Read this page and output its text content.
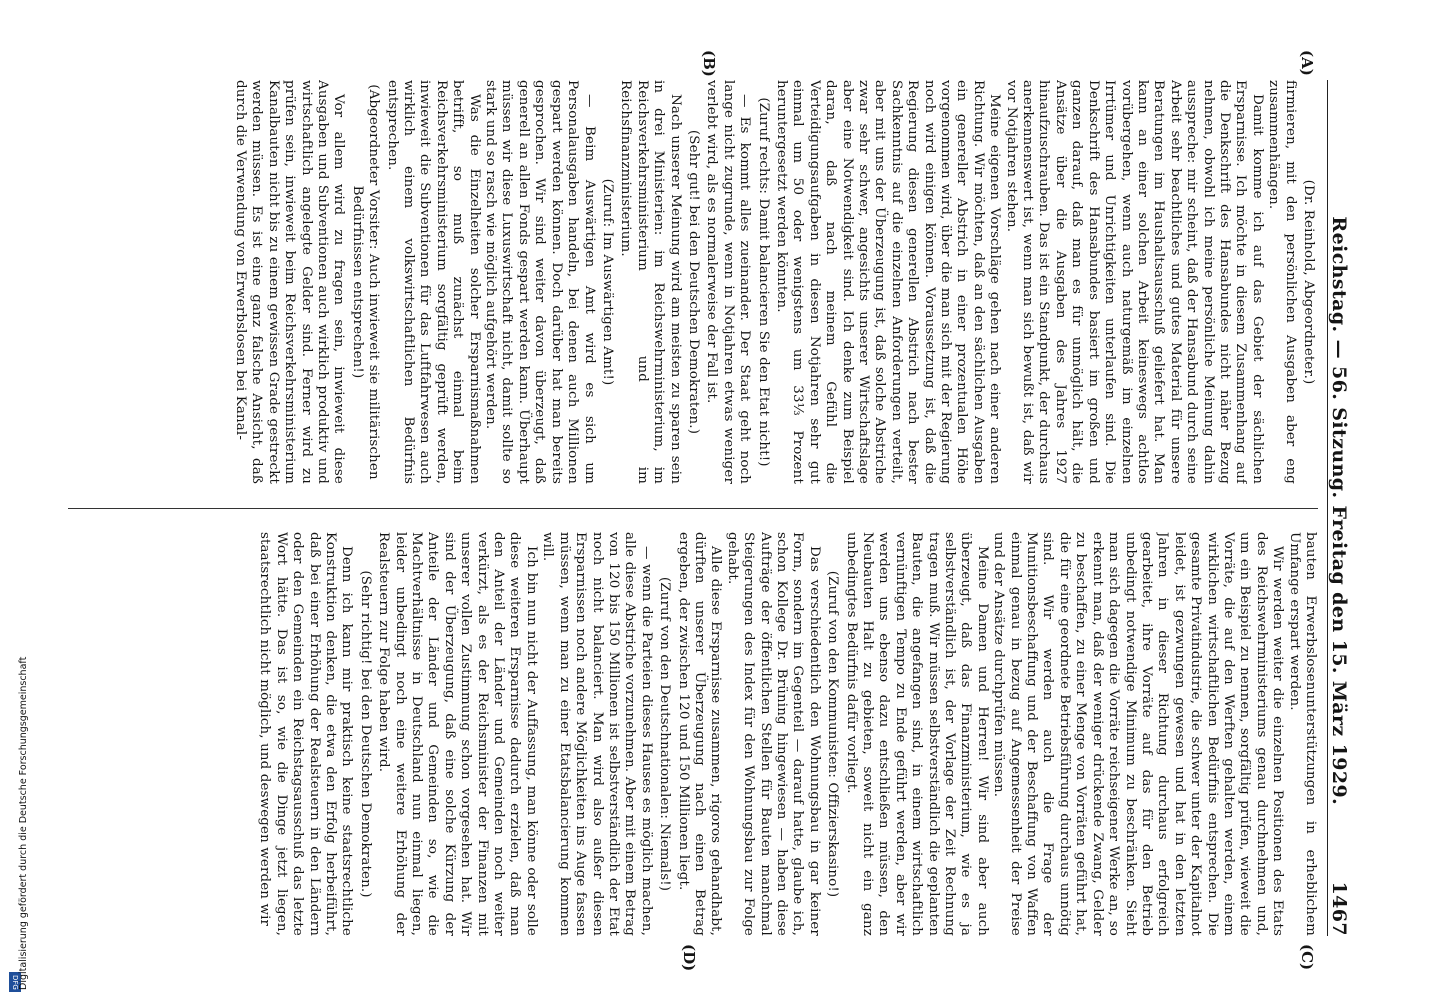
DFG Digitalisierung gefördert durch die Deutsche Forschungsgemeinschaft
Reichstag. — 56. Sitzung. Freitag den 15. März 1929.
1467
(A)
(B)
(C)
(D)

(Dr. Reinhold, Abgeordneter.)

firmieren, mit den persönlichen Ausgaben aber eng zusammenhängen.

Damit komme ich auf das Gebiet der sächlichen Ersparnisse. Ich möchte in diesem Zusammenhang auf die Denkschrift des Hansabundes nicht näher Bezug nehmen, obwohl ich meine persönliche Meinung dahin ausspreche: mir scheint, daß der Hansabund durch seine Arbeit sehr beachtliches und gutes Material für unsere Beratungen im Haushaltsausschuß geliefert hat. Man kann an einer solchen Arbeit keineswegs achtlos vorübergehen, wenn auch naturgemäß im einzelnen Irrtümer und Unrichtigkeiten unterlaufen sind. Die Denkschrift des Hansabundes basiert im großen und ganzen darauf, daß man es für unmöglich hält, die Ansätze über die Ausgaben des Jahres 1927 hinaufzuschrauben. Das ist ein Standpunkt, der durchaus anerkennenswert ist, wenn man sich bewußt ist, daß wir vor Notjahren stehen.

Meine eigenen Vorschläge gehen nach einer anderen Richtung. Wir möchten, daß an den sächlichen Ausgaben ein genereller Abstrich in einer prozentualen Höhe vorgenommen wird, über die man sich mit der Regierung noch wird einigen können. Voraussetzung ist, daß die Regierung diesen generellen Abstrich nach bester Sachkenntnis auf die einzelnen Anforderungen verteilt, aber mit uns der Überzeugung ist, daß solche Abstriche zwar sehr schwer, angesichts unserer Wirtschaftslage aber eine Notwendigkeit sind. Ich denke zum Beispiel daran, daß nach meinem Gefühl die Verteidigungsaufgaben in diesen Notjahren sehr gut einmal um 50 oder wenigstens um 33⅓ Prozent heruntergesetzt werden könnten.

(Zuruf rechts: Damit balancieren Sie den Etat nicht!)

— Es kommt alles zueinander. Der Staat geht noch lange nicht zugrunde, wenn in Notjahren etwas weniger verlebt wird, als es normalerweise der Fall ist.

(Sehr gut! bei den Deutschen Demokraten.)

Nach unserer Meinung wird am meisten zu sparen sein in drei Ministerien: im Reichswehrministerium, im Reichsverkehrsministerium und im Reichsfinanzministerium.

(Zuruf: Im Auswärtigen Amt!)

— Beim Auswärtigen Amt wird es sich um Personalausgaben handeln, bei denen auch Millionen gespart werden können. Doch darüber hat man bereits gesprochen. Wir sind weiter davon überzeugt, daß generell an allen Fonds gespart werden kann. Überhaupt müssen wir diese Luxuswirtschaft nicht, damit sollte so stark und so rasch wie möglich aufgehört werden.

Was die Einzelheiten solcher Ersparnismaßnahmen betrifft, so muß zunächst einmal beim Reichsverkehrsministerium sorgfältig geprüft werden, inwieweit die Subventionen für das Luftfahrwesen auch wirklich einem volkswirtschaftlichen Bedürfnis entsprechen.

(Abgeordneter Vorsiter: Auch inwieweit sie militärischen Bedürfnissen entsprechen!)

Vor allem wird zu fragen sein, inwieweit diese Ausgaben und Subventionen auch wirklich produktiv und wirtschaftlich angelegte Gelder sind. Ferner wird zu prüfen sein, inwieweit beim Reichsverkehrsministerium Kanalbauten nicht bis zu einem gewissen Grade gestreckt werden müssen. Es ist eine ganz falsche Ansicht, daß durch die Verwendung von Erwerbslosen bei Kanal-

bauten Erwerbslosenunterstützungen in erheblichem Umfange erspart werden.

Wir werden weiter die einzelnen Positionen des Etats des Reichswehrministeriums genau durchnehmen und, um ein Beispiel zu nennen, sorgfältig prüfen, wieweit die Vorräte, die auf den Werften gehalten werden, einem wirklichen wirtschaftlichen Bedürfnis entsprechen. Die gesamte Privatindustrie, die schwer unter der Kapitalnot leidet, ist gezwungen gewesen und hat in den letzten Jahren in dieser Richtung durchaus erfolgreich gearbeitet, ihre Vorräte auf das für den Betrieb unbedingt notwendige Minimum zu beschränken. Sieht man sich dagegen die Vorräte reichseigener Werke an, so erkennt man, daß der weniger drückende Zwang, Gelder zu beschaffen, zu einer Menge von Vorräten geführt hat, die für eine geordnete Betriebsführung durchaus unnötig sind. Wir werden auch die Frage der Munitionsbeschaffung und der Beschaffung von Waffen einmal genau in bezug auf Angemessenheit der Preise und der Ansätze durchprüfen müssen.

Meine Damen und Herren! Wir sind aber auch überzeugt, daß das Finanzministerium, wie es ja selbstverständlich ist, der Vorlage der Zeit Rechnung tragen muß. Wir müssen selbstverständlich die geplanten Bauten, die angefangen sind, in einem wirtschaftlich vernünftigen Tempo zu Ende geführt werden, aber wir werden uns ebenso dazu entschließen müssen, den Neubauten Halt zu gebieten, soweit nicht ein ganz unbedingtes Bedürfnis dafür vorliegt.

(Zuruf von den Kommunisten: Offizierskasino!)

Das verschiedentlich den Wohnungsbau in gar keiner Form, sondern im Gegenteil — darauf hatte, glaube ich, schon Kollege Dr. Brüning hingewiesen — haben diese Aufträge der öffentlichen Stellen für Bauten manchmal Steigerungen des Index für den Wohnungsbau zur Folge gehabt.

Alle diese Ersparnisse zusammen, rigoros gehandhabt, dürften unserer Überzeugung nach einen Betrag ergeben, der zwischen 120 und 150 Millionen liegt.

(Zuruf von den Deutschnationalen: Niemals!)

— wenn die Parteien dieses Hauses es möglich machen, alle diese Abstriche vorzunehmen. Aber mit einem Betrag von 120 bis 150 Millionen ist selbstverständlich der Etat noch nicht balanciert. Man wird also außer diesen Ersparnissen noch andere Möglichkeiten ins Auge fassen müssen, wenn man zu einer Etatsbalancierung kommen will.

Ich bin nun nicht der Auffassung, man könne oder solle diese weiteren Ersparnisse dadurch erzielen, daß man den Anteil der Länder und Gemeinden noch weiter verkürzt, als es der Reichsminister der Finanzen mit unserer vollen Zustimmung schon vorgesehen hat. Wir sind der Überzeugung, daß eine solche Kürzung der Anteile der Länder und Gemeinden so, wie die Machtverhältnisse in Deutschland nun einmal liegen, leider unbedingt noch eine weitere Erhöhung der Realsteuern zur Folge haben wird.

(Sehr richtig! bei den Deutschen Demokraten.)

Denn ich kann mir praktisch keine staatsrechtliche Konstruktion denken, die etwa den Erfolg herbeiführt, daß bei einer Erhöhung der Realsteuern in den Ländern oder den Gemeinden ein Reichstagsausschuß das letzte Wort hätte. Das ist so, wie die Dinge jetzt liegen, staatsrechtlich nicht möglich, und deswegen werden wir
